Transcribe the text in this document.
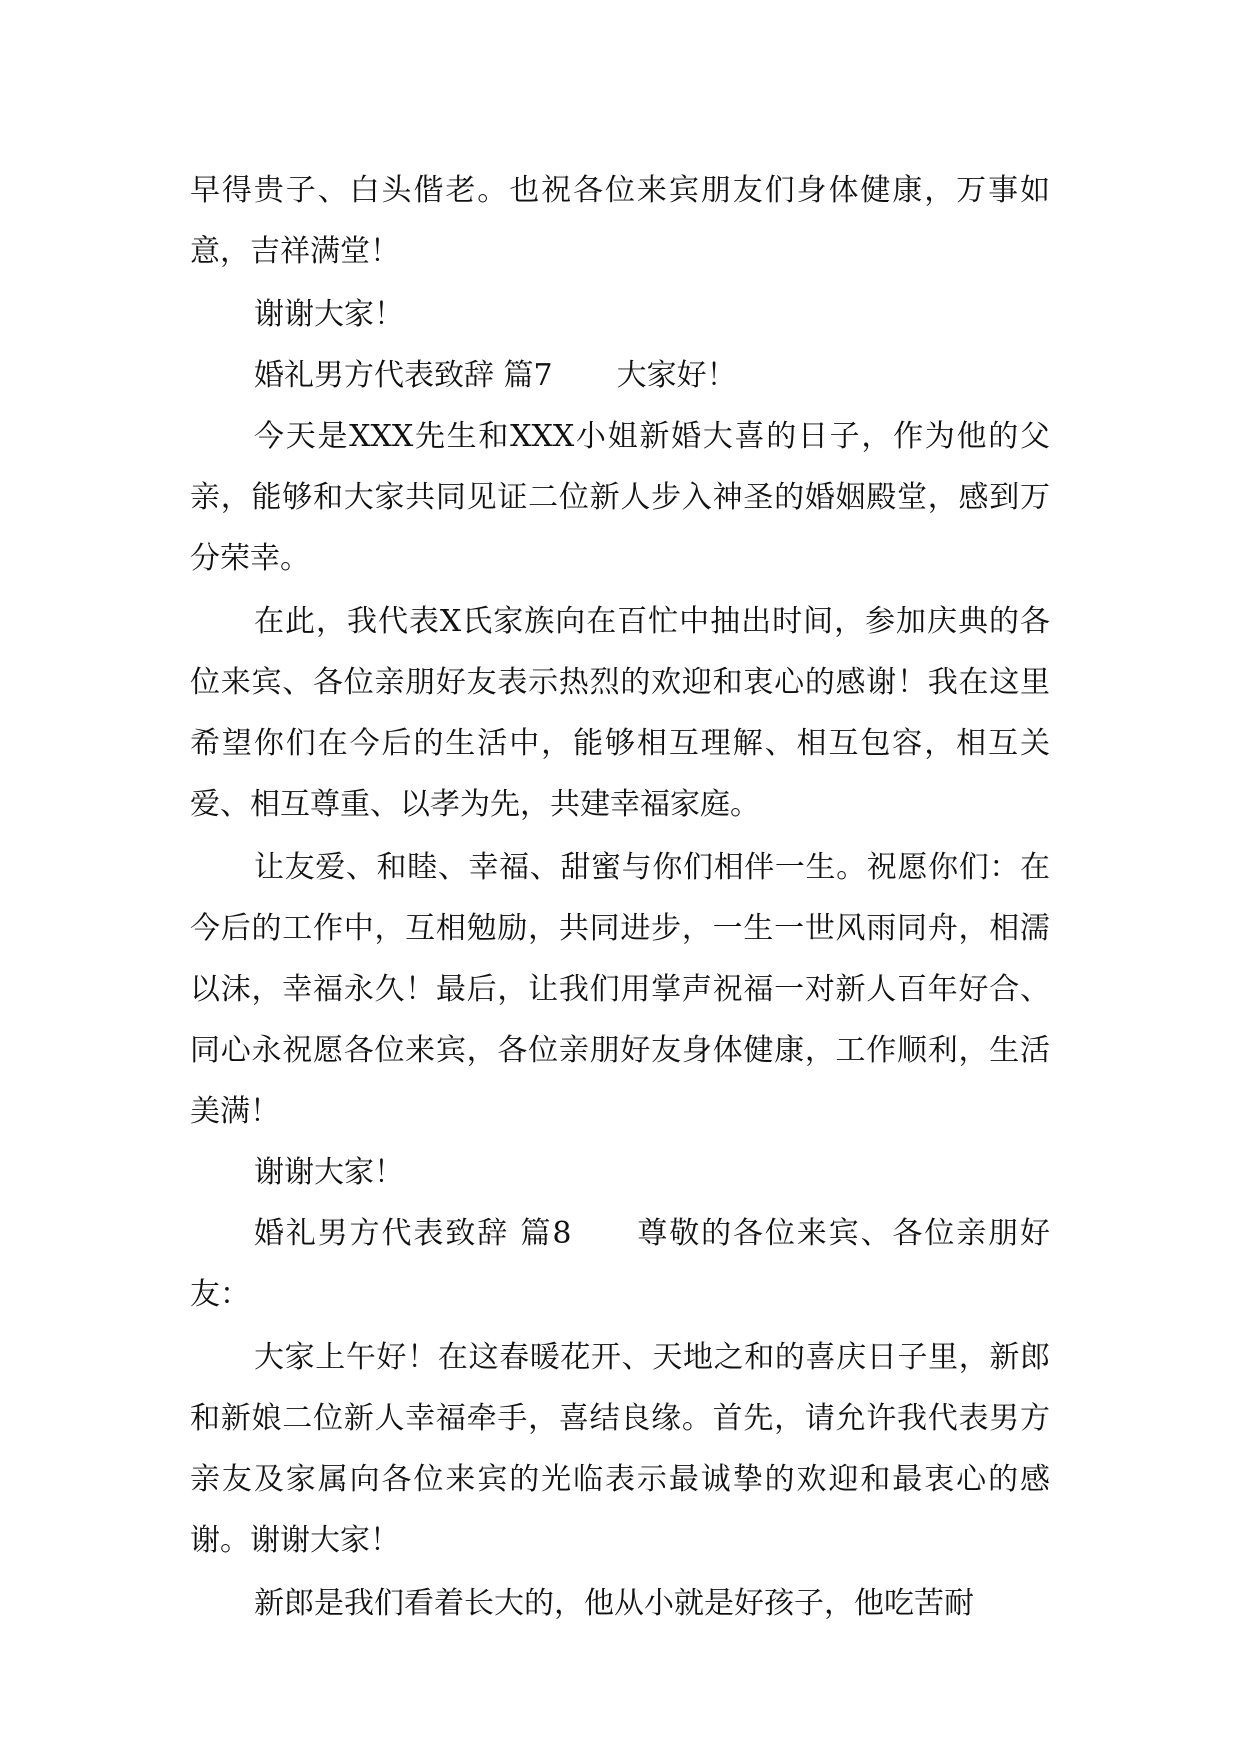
早得贵子、白头偕老。也祝各位来宾朋友们身体健康，万事如意，吉祥满堂！

谢谢大家！

婚礼男方代表致辞 篇7 大家好！

今天是XXX先生和XXX小姐新婚大喜的日子，作为他的父亲，能够和大家共同见证二位新人步入神圣的婚姻殿堂，感到万分荣幸。

在此，我代表X氏家族向在百忙中抽出时间，参加庆典的各位来宾、各位亲朋好友表示热烈的欢迎和衷心的感谢！我在这里希望你们在今后的生活中，能够相互理解、相互包容，相互关爱、相互尊重、以孝为先，共建幸福家庭。

让友爱、和睦、幸福、甜蜜与你们相伴一生。祝愿你们：在今后的工作中，互相勉励，共同进步，一生一世风雨同舟，相濡以沫，幸福永久！最后，让我们用掌声祝福一对新人百年好合、同心永祝愿各位来宾，各位亲朋好友身体健康，工作顺利，生活美满！

谢谢大家！

婚礼男方代表致辞 篇8 尊敬的各位来宾、各位亲朋好友：

大家上午好！在这春暖花开、天地之和的喜庆日子里，新郎和新娘二位新人幸福牵手，喜结良缘。首先，请允许我代表男方亲友及家属向各位来宾的光临表示最诚挚的欢迎和最衷心的感谢。谢谢大家！

新郎是我们看着长大的，他从小就是好孩子，他吃苦耐
